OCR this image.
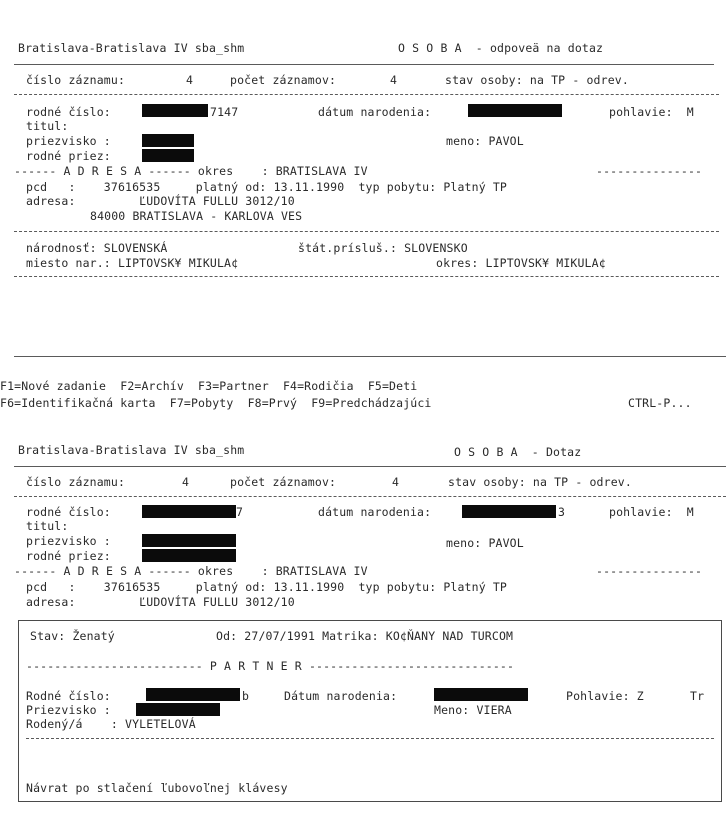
Bratislava-Bratislava IV sba_shm	O S O B A  - odpoveä na dotaz
číslo záznamu:	4	počet záznamov:	4	stav osoby: na TP - odrev.
rodné číslo:	7147	dátum narodenia:	pohlavie:  M
titul:
priezvisko :	meno: PAVOL
rodné priez:
------ A D R E S A ------ okres    : BRATISLAVA IV	---------------
pcd   :    37616535     platný od: 13.11.1990  typ pobytu: Platný TP
adresa:         ĽUDOVÍTA FULLU 3012/10
84000 BRATISLAVA - KARLOVA VES
národnosť: SLOVENSKÁ	štát.prísluš.: SLOVENSKO
miesto nar.: LIPTOVSK¥ MIKULA¢	okres: LIPTOVSK¥ MIKULA¢
F1=Nové zadanie  F2=Archív  F3=Partner  F4=Rodičia  F5=Deti
F6=Identifikačná karta  F7=Pobyty  F8=Prvý  F9=Predchádzajúci	CTRL-P...
Bratislava-Bratislava IV sba_shm	O S O B A  - Dotaz
číslo záznamu:	4	počet záznamov:	4	stav osoby: na TP - odrev.
rodné číslo:	7	dátum narodenia:	3	pohlavie:  M
titul:
priezvisko :	meno: PAVOL
rodné priez:
------ A D R E S A ------ okres    : BRATISLAVA IV	---------------
pcd   :    37616535     platný od: 13.11.1990  typ pobytu: Platný TP
adresa:         ĽUDOVÍTA FULLU 3012/10
Stav: Ženatý	Od: 27/07/1991 Matrika: KO¢ŇANY NAD TURCOM
------------------------- P A R T N E R -----------------------------
Rodné číslo:	b	Dátum narodenia:	Pohlavie: Z	Tr
Priezvisko :	Meno: VIERA
Rodený/á    : VYLETELOVÁ
Návrat po stlačení ľubovoľnej klávesy
